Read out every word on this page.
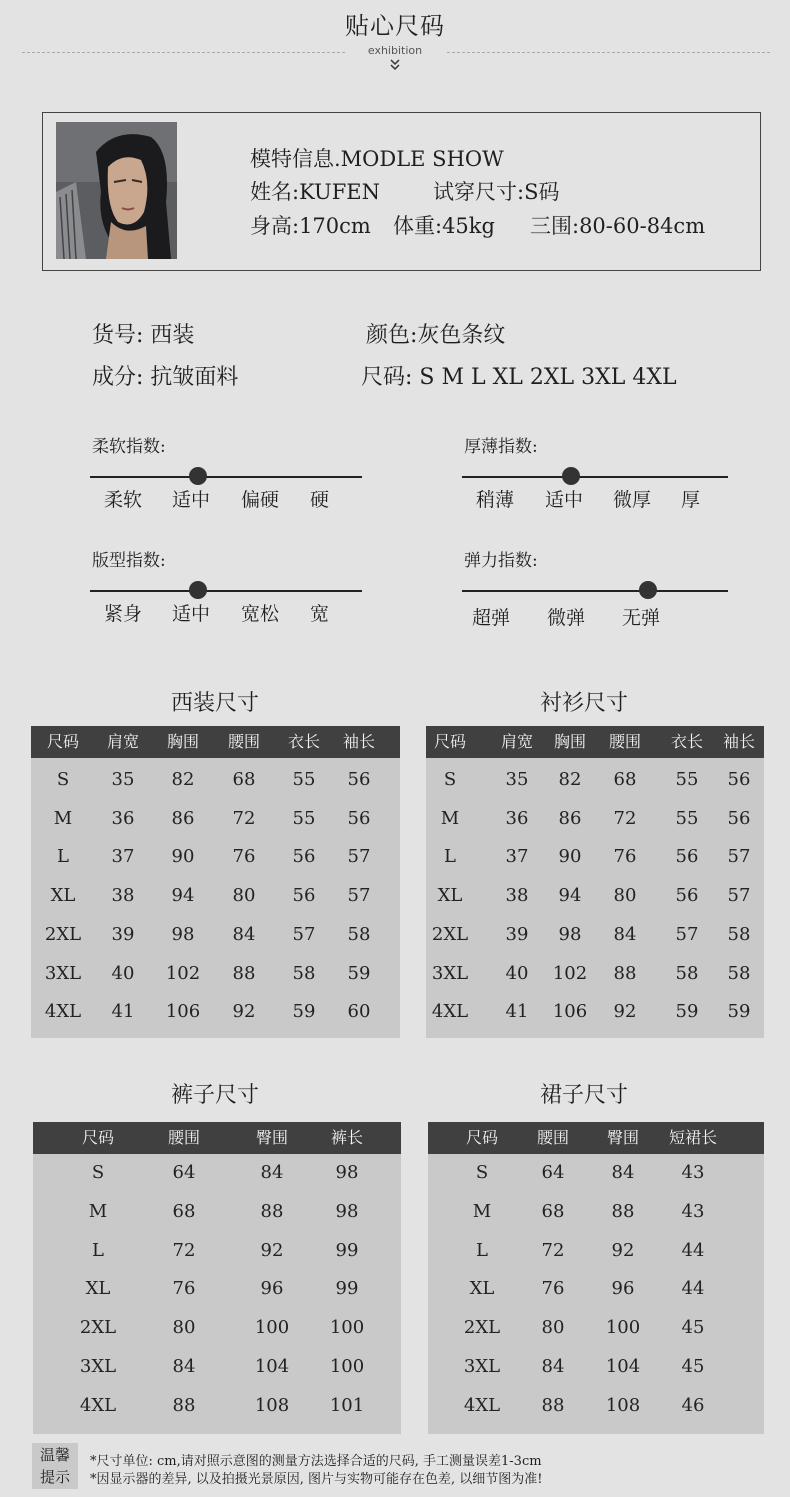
贴心尺码
exhibition
模特信息.MODLE SHOW
姓名:KUFEN	试穿尺寸:S码
身高:170cm 体重:45kg 三围:80-60-84cm
货号: 西装	颜色:灰色条纹
成分: 抗皱面料	尺码: S M L XL 2XL 3XL 4XL
柔软指数:
柔软 适中 偏硬 硬
厚薄指数:
稍薄 适中 微厚 厚
版型指数:
紧身 适中 宽松 宽
弹力指数:
超弹 微弹 无弹
西装尺寸
尺码	肩宽	胸围	腰围	衣长	袖长
S	35	82	68	55	56
M	36	86	72	55	56
L	37	90	76	56	57
XL	38	94	80	56	57
2XL	39	98	84	57	58
3XL	40	102	88	58	59
4XL	41	106	92	59	60
衬衫尺寸
尺码	肩宽	胸围	腰围	衣长	袖长
S	35	82	68	55	56
M	36	86	72	55	56
L	37	90	76	56	57
XL	38	94	80	56	57
2XL	39	98	84	57	58
3XL	40	102	88	58	58
4XL	41	106	92	59	59
裤子尺寸
尺码	腰围	臀围	裤长
S	64	84	98
M	68	88	98
L	72	92	99
XL	76	96	99
2XL	80	100	100
3XL	84	104	100
4XL	88	108	101
裙子尺寸
尺码	腰围	臀围	短裙长
S	64	84	43
M	68	88	43
L	72	92	44
XL	76	96	44
2XL	80	100	45
3XL	84	104	45
4XL	88	108	46
温馨
提示
*尺寸单位: cm,请对照示意图的测量方法选择合适的尺码, 手工测量误差1-3cm
*因显示器的差异, 以及拍摄光景原因, 图片与实物可能存在色差, 以细节图为准!
